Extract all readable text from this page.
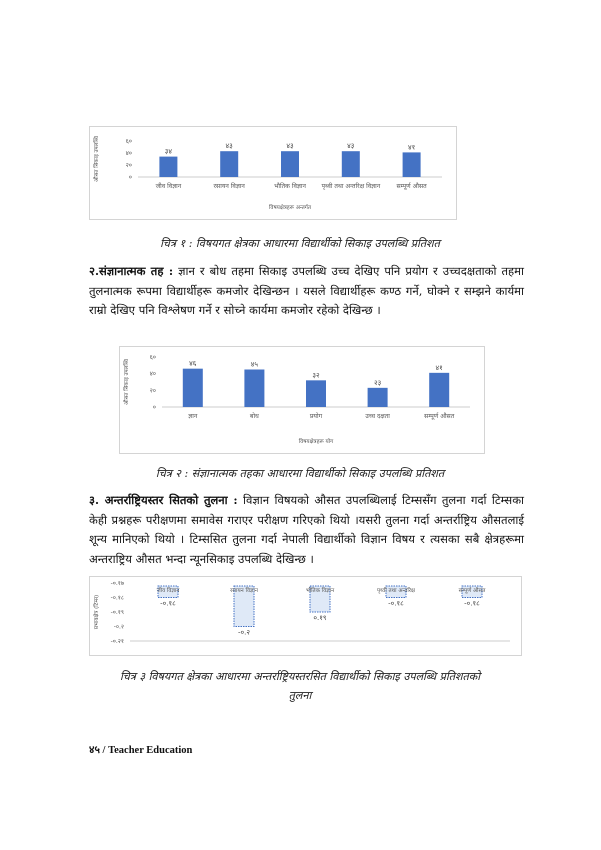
औसत सिकाइ उपलब्धि	६०
४०
२०
०
३४
जीव विज्ञान
४३
रसायन विज्ञान
४३
भौतिक विज्ञान
४३
पृथ्वी तथा अन्तरिक्ष विज्ञान
४१
सम्पूर्ण औसत
विषयक्षेत्रहरू अन्तर्गत
चित्र १ : विषयगत क्षेत्रका आधारमा विद्यार्थीको सिकाइ उपलब्धि प्रतिशत
२.संज्ञानात्मक तह : ज्ञान र बोध तहमा सिकाइ उपलब्धि उच्च देखिए पनि प्रयोग र उच्चदक्षताको तहमा तुलनात्मक रूपमा विद्यार्थीहरू कमजोर देखिन्छन । यसले विद्यार्थीहरू कण्ठ गर्ने, घोक्ने र सम्झने कार्यमा राम्रो देखिए पनि विश्लेषण गर्ने र सोच्ने कार्यमा कमजोर रहेको देखिन्छ ।
औसत सिकाइ उपलब्धि
६०
४०
२०
०
४६
ज्ञान
४५
बोध
३२
प्रयोग
२३
उच्च दक्षता
४१
सम्पूर्ण औसत
विषयक्षेत्रहरू योग
चित्र २ : संज्ञानात्मक तहका आधारमा विद्यार्थीको सिकाइ उपलब्धि प्रतिशत
३. अन्तर्राष्ट्रियस्तर सितको तुलना : विज्ञान विषयको औसत उपलब्धिलाई टिम्ससँग तुलना गर्दा टिम्सका केही प्रश्नहरू परीक्षणमा समावेस गराएर परीक्षण गरिएको थियो ।यसरी तुलना गर्दा अन्तर्राष्ट्रिय औसतलाई शून्य मानिएको थियो । टिम्ससित तुलना गर्दा नेपाली विद्यार्थीको विज्ञान विषय र त्यसका सबै क्षेत्रहरूमा अन्तराष्ट्रिय औसत भन्दा न्यूनसिकाइ उपलब्धि देखिन्छ ।
प्रभावक्षेत्र (टिम्स)
-०.१७
-०.१८
-०.१९
-०.२
-०.२१
जीव विज्ञान
-०.१८
रसायन विज्ञान
-०.२
भौतिक विज्ञान
०.१९
पृथ्वी तथा अन्तरिक्ष
-०.१८
सम्पूर्ण औसत
-०.१८
चित्र ३ विषयगत क्षेत्रका आधारमा अन्तर्राष्ट्रियस्तरसित विद्यार्थीको सिकाइ उपलब्धि प्रतिशतको
तुलना
४५ / Teacher Education
